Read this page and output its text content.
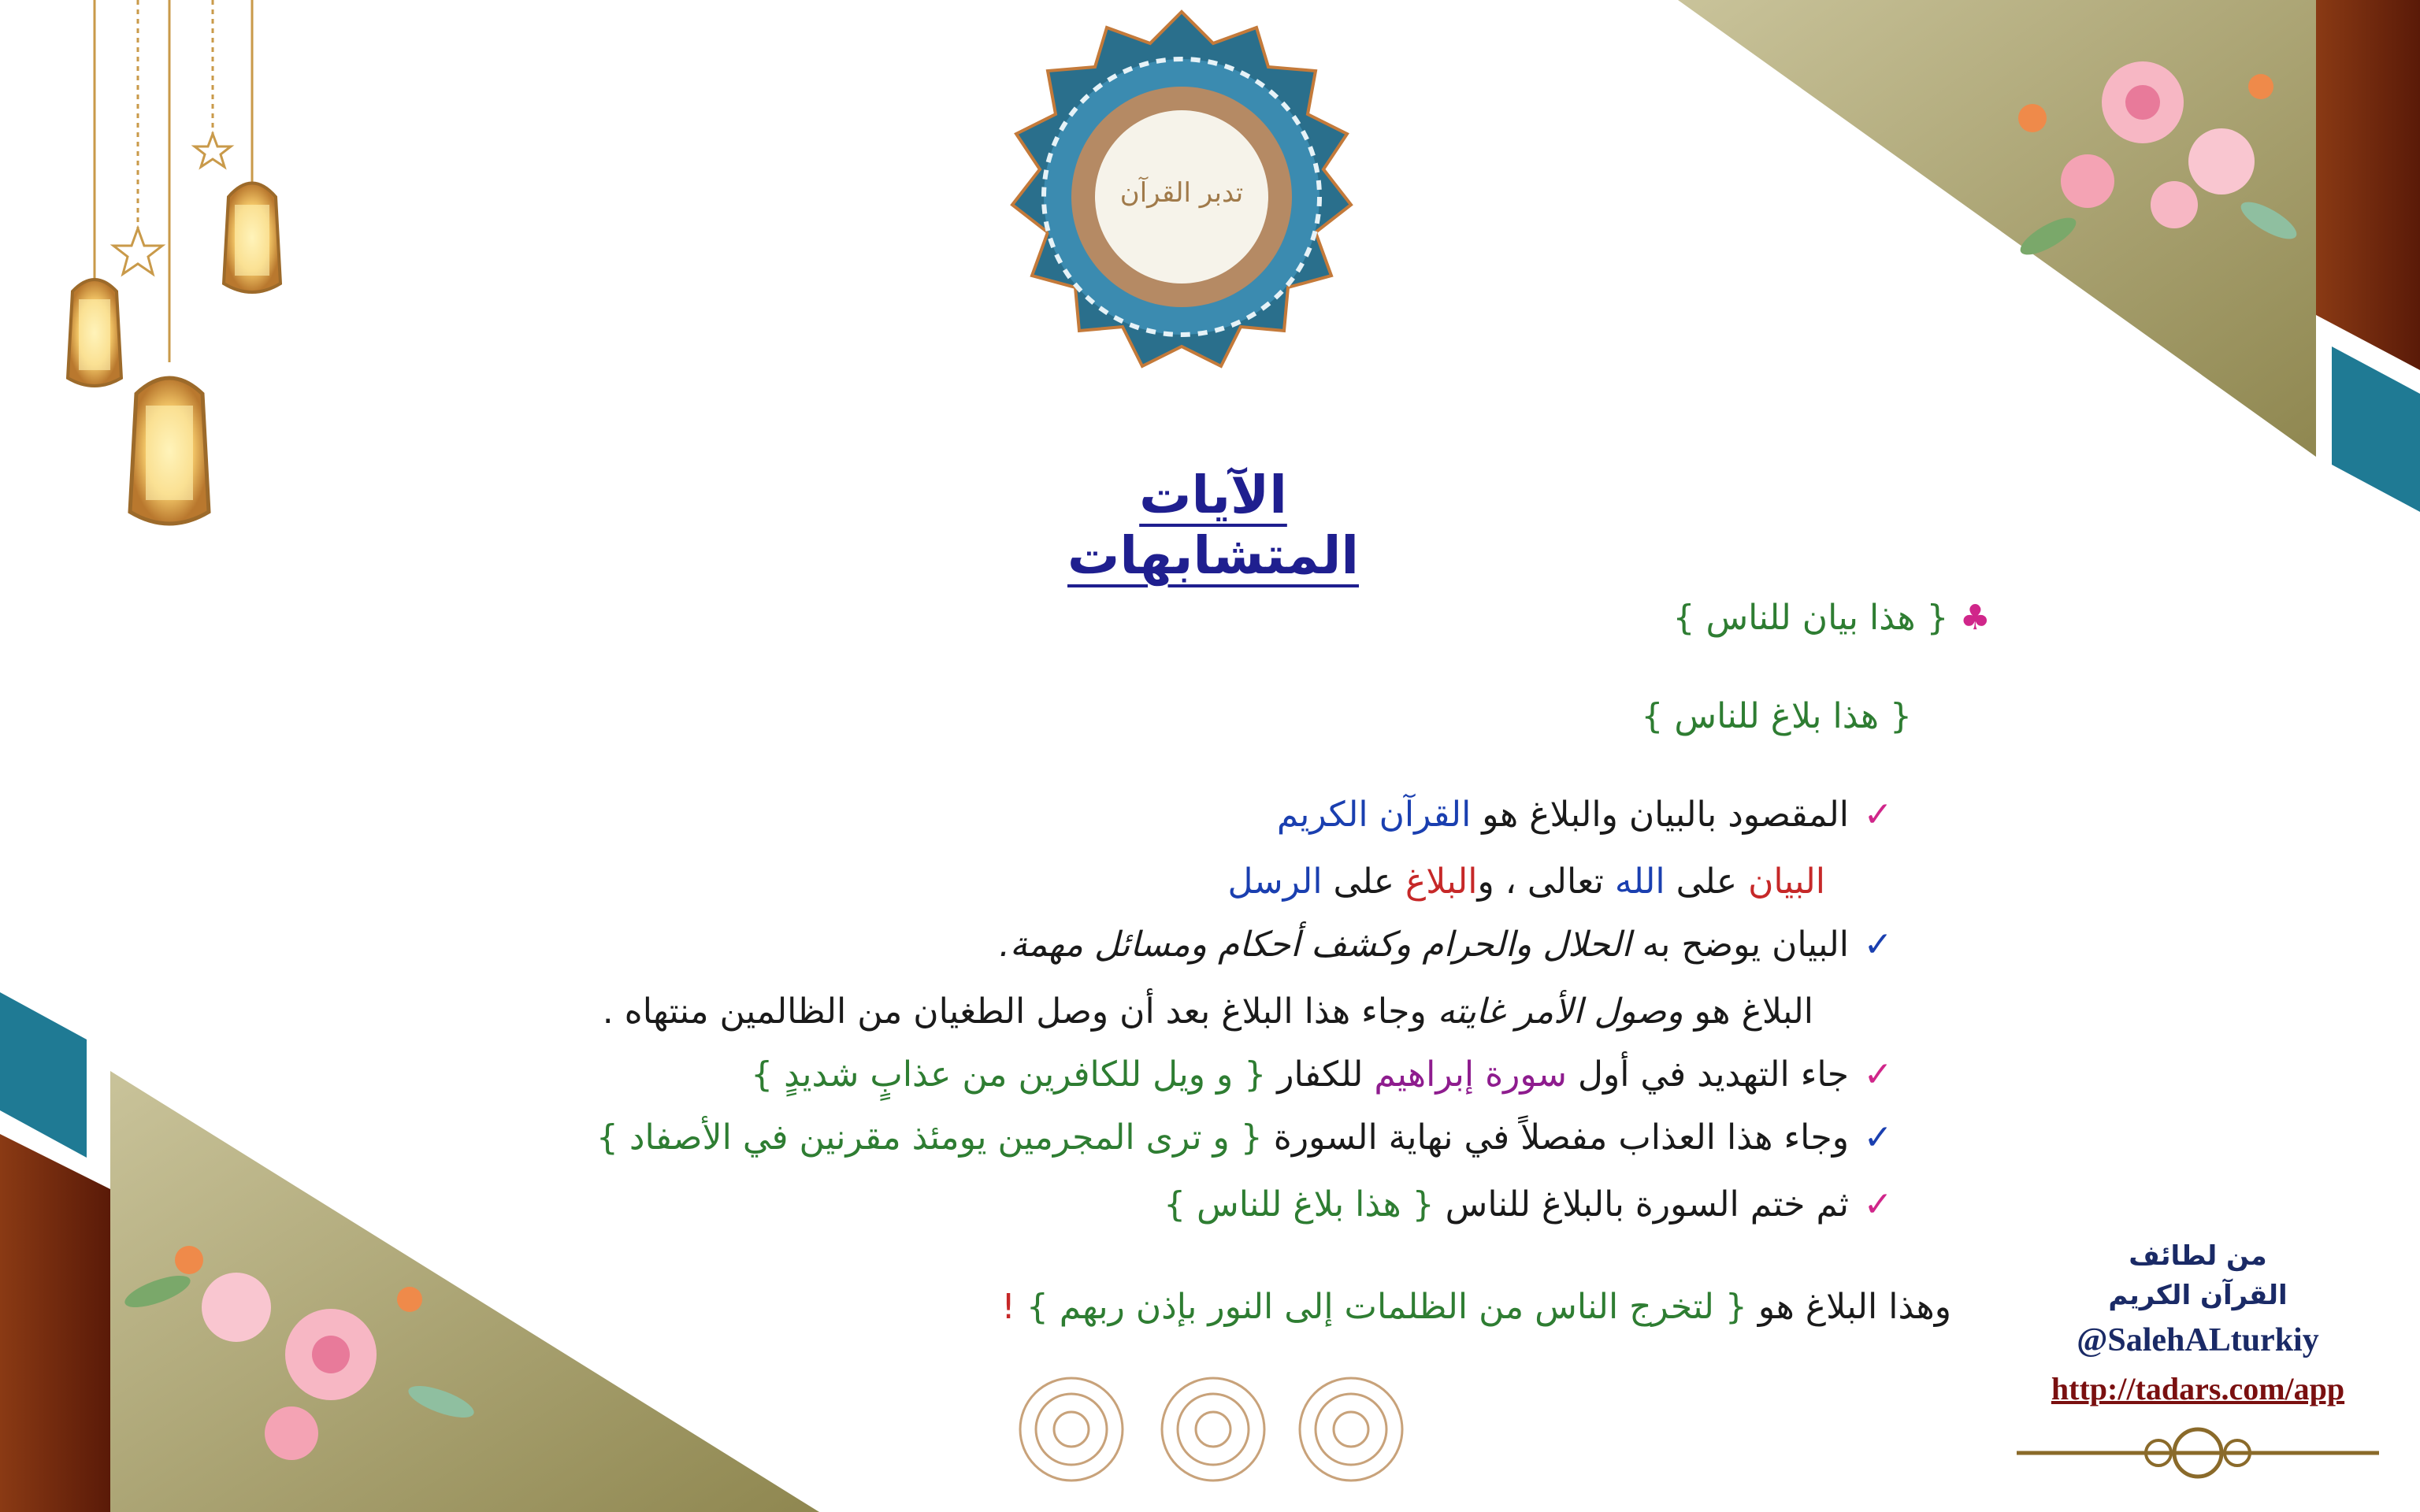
تدبر القرآن
الآيات المتشابهات
♣ { هذا بيان للناس }
{ هذا بلاغ للناس }
✓ المقصود بالبيان والبلاغ هو القرآن الكريم
البيان على الله تعالى ، والبلاغ على الرسل
✓ البيان يوضح به الحلال والحرام وكشف أحكام ومسائل مهمة.
البلاغ هو وصول الأمر غايته وجاء هذا البلاغ بعد أن وصل الطغيان من الظالمين منتهاه .
✓ جاء التهديد في أول سورة إبراهيم للكفار { و ويل للكافرين من عذابٍ شديدٍ }
✓ وجاء هذا العذاب مفصلاً في نهاية السورة { و ترى المجرمين يومئذ مقرنين في الأصفاد }
✓ ثم ختم السورة بالبلاغ للناس { هذا بلاغ للناس }
وهذا البلاغ هو { لتخرج الناس من الظلمات إلى النور بإذن ربهم } !
من لطائف
القرآن الكريم
@SalehALturkiy
http://tadars.com/app
